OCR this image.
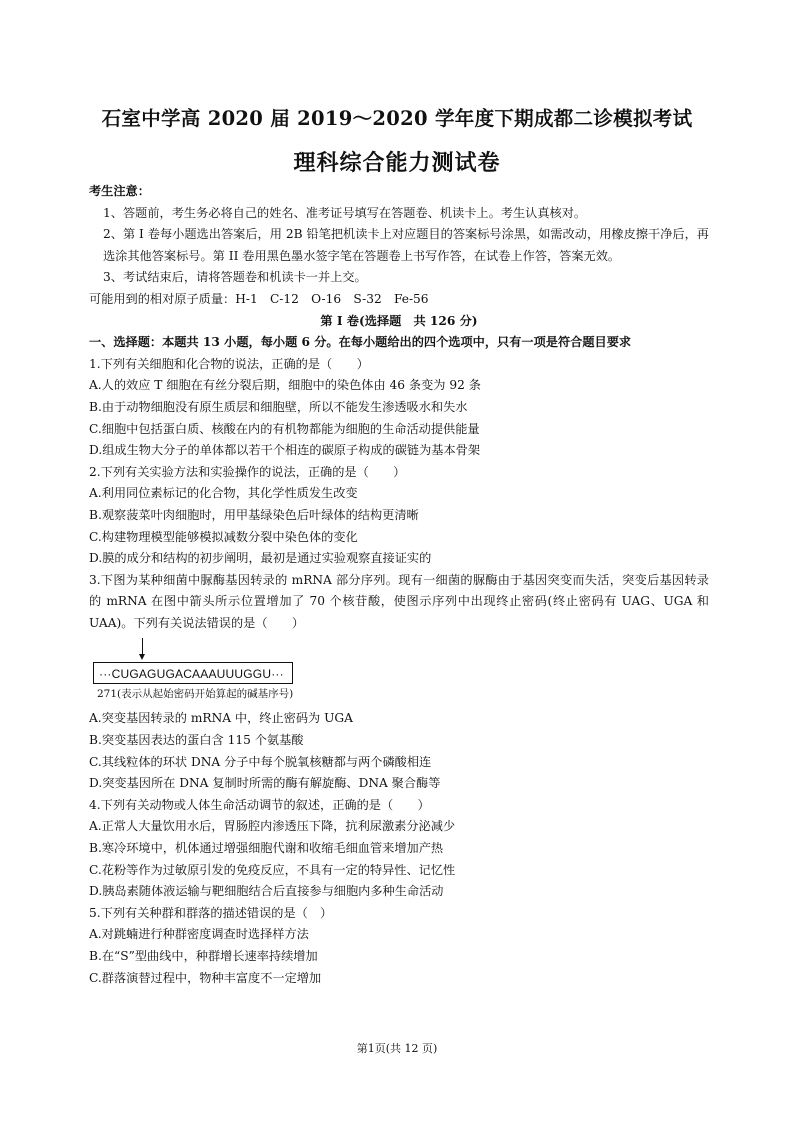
石室中学高 2020 届 2019～2020 学年度下期成都二诊模拟考试
理科综合能力测试卷
考生注意：
1、答题前，考生务必将自己的姓名、准考证号填写在答题卷、机读卡上。考生认真核对。
2、第 I 卷每小题选出答案后，用 2B 铅笔把机读卡上对应题目的答案标号涂黑，如需改动，用橡皮擦干净后，再选涂其他答案标号。第 II 卷用黑色墨水签字笔在答题卷上书写作答，在试卷上作答，答案无效。
3、考试结束后，请将答题卷和机读卡一并上交。
可能用到的相对原子质量：H-1　C-12　O-16　S-32　Fe-56
第 I 卷(选择题　共 126 分)
一、选择题：本题共 13 小题，每小题 6 分。在每小题给出的四个选项中，只有一项是符合题目要求
1.下列有关细胞和化合物的说法，正确的是（　　）
A.人的效应 T 细胞在有丝分裂后期，细胞中的染色体由 46 条变为 92 条
B.由于动物细胞没有原生质层和细胞壁，所以不能发生渗透吸水和失水
C.细胞中包括蛋白质、核酸在内的有机物都能为细胞的生命活动提供能量
D.组成生物大分子的单体都以若干个相连的碳原子构成的碳链为基本骨架
2.下列有关实验方法和实验操作的说法，正确的是（　　）
A.利用同位素标记的化合物，其化学性质发生改变
B.观察菠菜叶肉细胞时，用甲基绿染色后叶绿体的结构更清晰
C.构建物理模型能够模拟减数分裂中染色体的变化
D.膜的成分和结构的初步阐明，最初是通过实验观察直接证实的
3.下图为某种细菌中脲酶基因转录的 mRNA 部分序列。现有一细菌的脲酶由于基因突变而失活，突变后基因转录的 mRNA 在图中箭头所示位置增加了 70 个核苷酸，使图示序列中出现终止密码(终止密码有 UAG、UGA 和 UAA)。下列有关说法错误的是（　　）
···CUGAGUGACAAAUUUGGU···
271(表示从起始密码开始算起的碱基序号)
A.突变基因转录的 mRNA 中，终止密码为 UGA
B.突变基因表达的蛋白含 115 个氨基酸
C.其线粒体的环状 DNA 分子中每个脱氧核糖都与两个磷酸相连
D.突变基因所在 DNA 复制时所需的酶有解旋酶、DNA 聚合酶等
4.下列有关动物或人体生命活动调节的叙述，正确的是（　　）
A.正常人大量饮用水后，胃肠腔内渗透压下降，抗利尿激素分泌减少
B.寒冷环境中，机体通过增强细胞代谢和收缩毛细血管来增加产热
C.花粉等作为过敏原引发的免疫反应，不具有一定的特异性、记忆性
D.胰岛素随体液运输与靶细胞结合后直接参与细胞内多种生命活动
5.下列有关种群和群落的描述错误的是（　）
A.对跳蝻进行种群密度调查时选择样方法
B.在“S”型曲线中，种群增长速率持续增加
C.群落演替过程中，物种丰富度不一定增加
第1页(共 12 页)
